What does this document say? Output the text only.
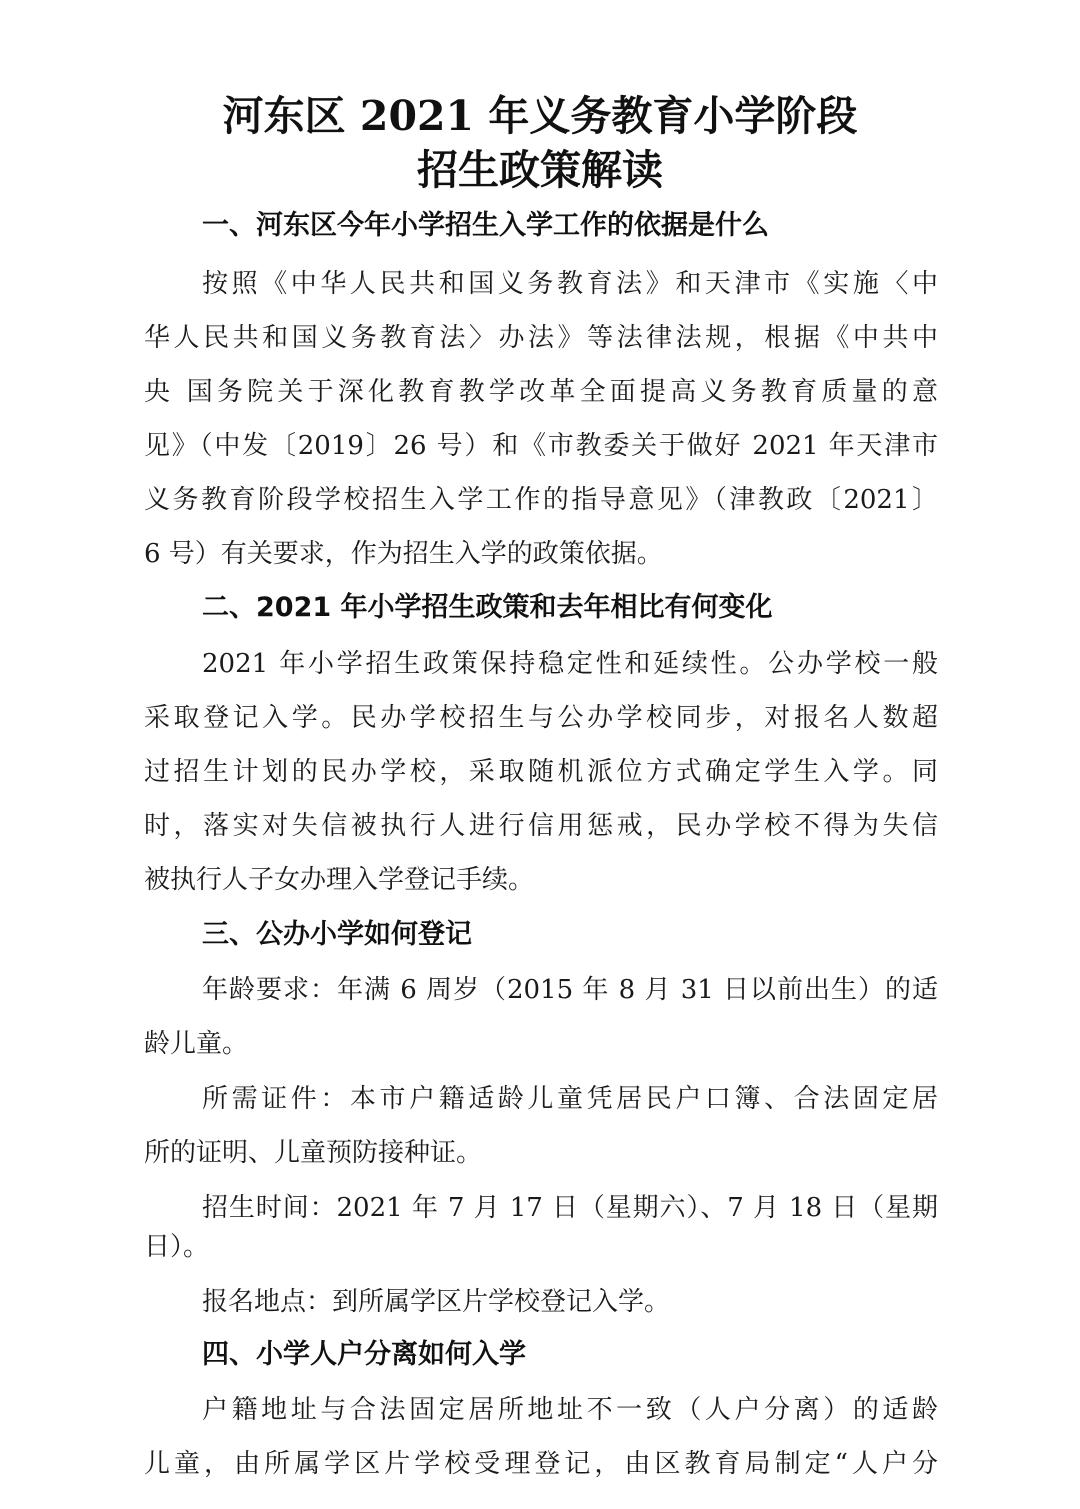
河东区 2021 年义务教育小学阶段
招生政策解读
一、河东区今年小学招生入学工作的依据是什么
按照《中华人民共和国义务教育法》和天津市《实施〈中
华人民共和国义务教育法〉办法》等法律法规，根据《中共中
央 国务院关于深化教育教学改革全面提高义务教育质量的意
见》（中发〔2019〕26 号）和《市教委关于做好 2021 年天津市
义务教育阶段学校招生入学工作的指导意见》（津教政〔2021〕
6 号）有关要求，作为招生入学的政策依据。
二、2021 年小学招生政策和去年相比有何变化
2021 年小学招生政策保持稳定性和延续性。公办学校一般
采取登记入学。民办学校招生与公办学校同步，对报名人数超
过招生计划的民办学校，采取随机派位方式确定学生入学。同
时，落实对失信被执行人进行信用惩戒，民办学校不得为失信
被执行人子女办理入学登记手续。
三、公办小学如何登记
年龄要求：年满 6 周岁（2015 年 8 月 31 日以前出生）的适
龄儿童。
所需证件：本市户籍适龄儿童凭居民户口簿、合法固定居
所的证明、儿童预防接种证。
招生时间：2021 年 7 月 17 日（星期六）、7 月 18 日（星期
日）。
报名地点：到所属学区片学校登记入学。
四、小学人户分离如何入学
户籍地址与合法固定居所地址不一致（人户分离）的适龄
儿童，由所属学区片学校受理登记，由区教育局制定“人户分
